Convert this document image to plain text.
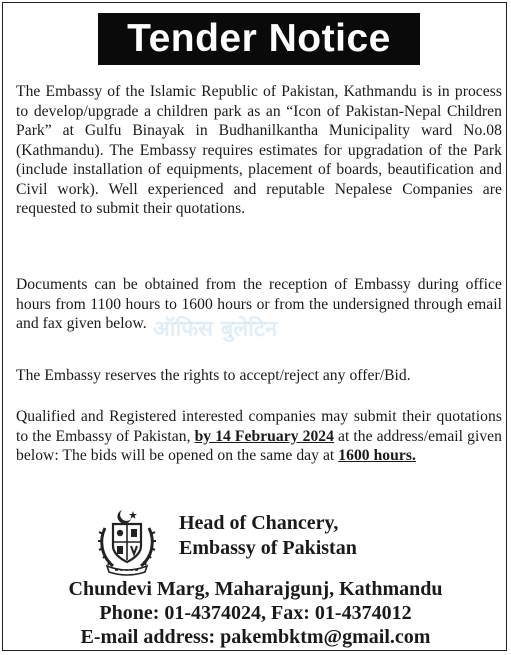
Tender Notice

The Embassy of the Islamic Republic of Pakistan, Kathmandu is in process to develop/upgrade a children park as an “Icon of Pakistan-Nepal Children Park” at Gulfu Binayak in Budhanilkantha Municipality ward No.08 (Kathmandu). The Embassy requires estimates for upgradation of the Park (include installation of equipments, placement of boards, beautification and Civil work). Well experienced and reputable Nepalese Companies are requested to submit their quotations.

Documents can be obtained from the reception of Embassy during office hours from 1100 hours to 1600 hours or from the undersigned through email and fax given below. ऑफिस बुलेटिन

The Embassy reserves the rights to accept/reject any offer/Bid.

Qualified and Registered interested companies may submit their quotations to the Embassy of Pakistan, by 14 February 2024 at the address/email given below: The bids will be opened on the same day at 1600 hours.

Head of Chancery,
Embassy of Pakistan
Chundevi Marg, Maharajgunj, Kathmandu
Phone: 01-4374024, Fax: 01-4374012
E-mail address: pakembktm@gmail.com
